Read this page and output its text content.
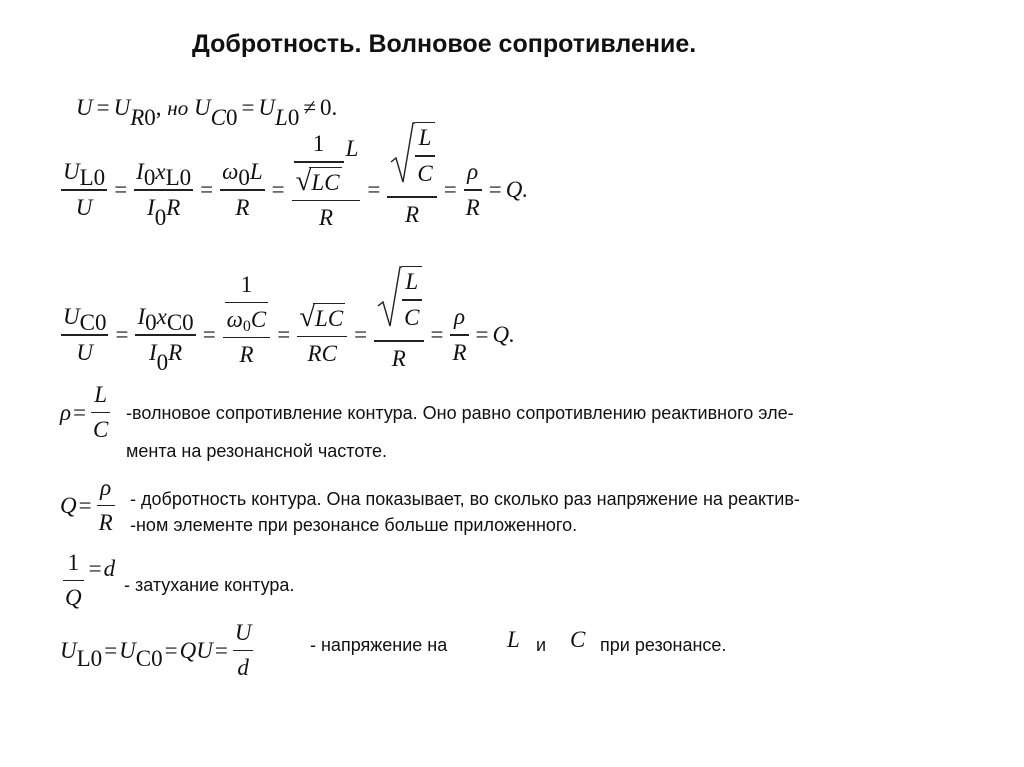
Добротность. Волновое сопротивление.
U = UR0, но UC0 = UL0 ≠ 0.
$\frac{UL0}{U} = \frac{I0xL0}{I0R} = \frac{\omega 0L}{R} = \frac{\frac{1}{√ LC} L}{R} = \frac{\frac{L}{C}}{R} = \frac{\rho}{R} = Q$.
$\frac{UC0}{U} = \frac{I0xC0}{I0R} = \frac{\frac{1}{\omega 0C}}{R} = \frac{√ LC}{RC} = \frac{\frac{L}{C}}{R} = \frac{\rho}{R} = Q$.
$\rho = \frac{L}{C}$ -волновое сопротивление контура. Оно равно сопротивлению реактивного эле-
мента на резонансной частоте.
$Q = \frac{\rho}{R}$ - добротность контура. Она показывает, во сколько раз напряжение на реактив-
-ном элементе при резонансе больше приложенного.
$\frac{1}{Q} = d$
- затухание контура.
U L0 = U C0 = QU = $\frac{U}{d}$	- напряжение на	L и C при резонансе.
